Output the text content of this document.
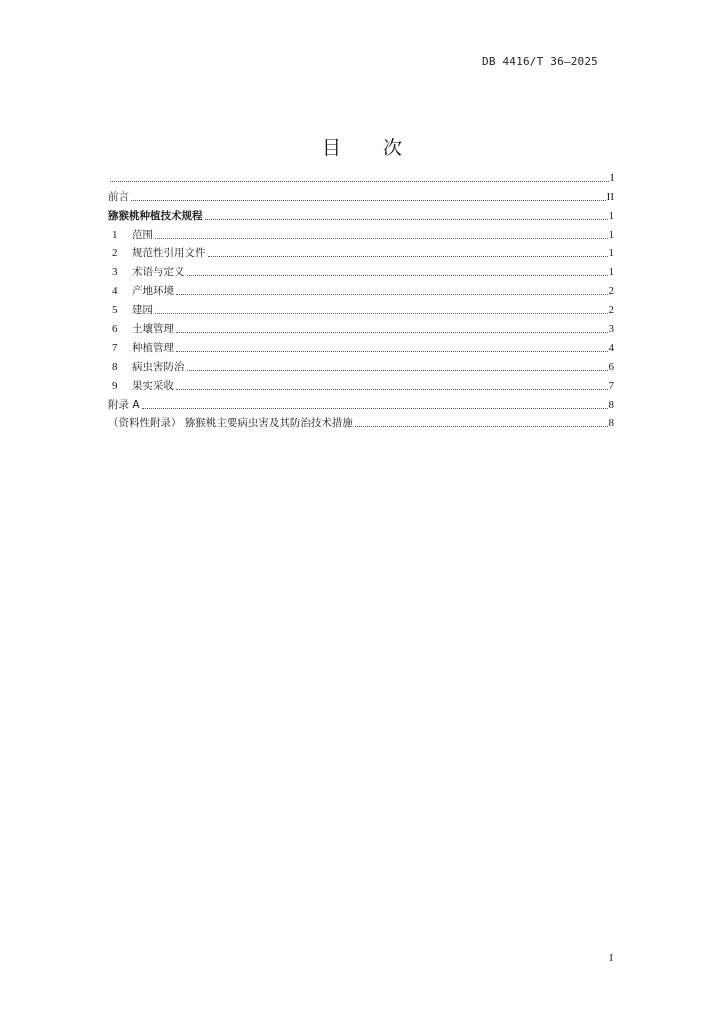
DB 4416/T 36—2025
目 次
I
前言	II
猕猴桃种植技术规程	1
1 范围	1
2 规范性引用文件	1
3 术语与定义	1
4 产地环境	2
5 建园	2
6 土壤管理	3
7 种植管理	4
8 病虫害防治	6
9 果实采收	7
附录 A	8
（资料性附录） 猕猴桃主要病虫害及其防治技术措施	8
I
